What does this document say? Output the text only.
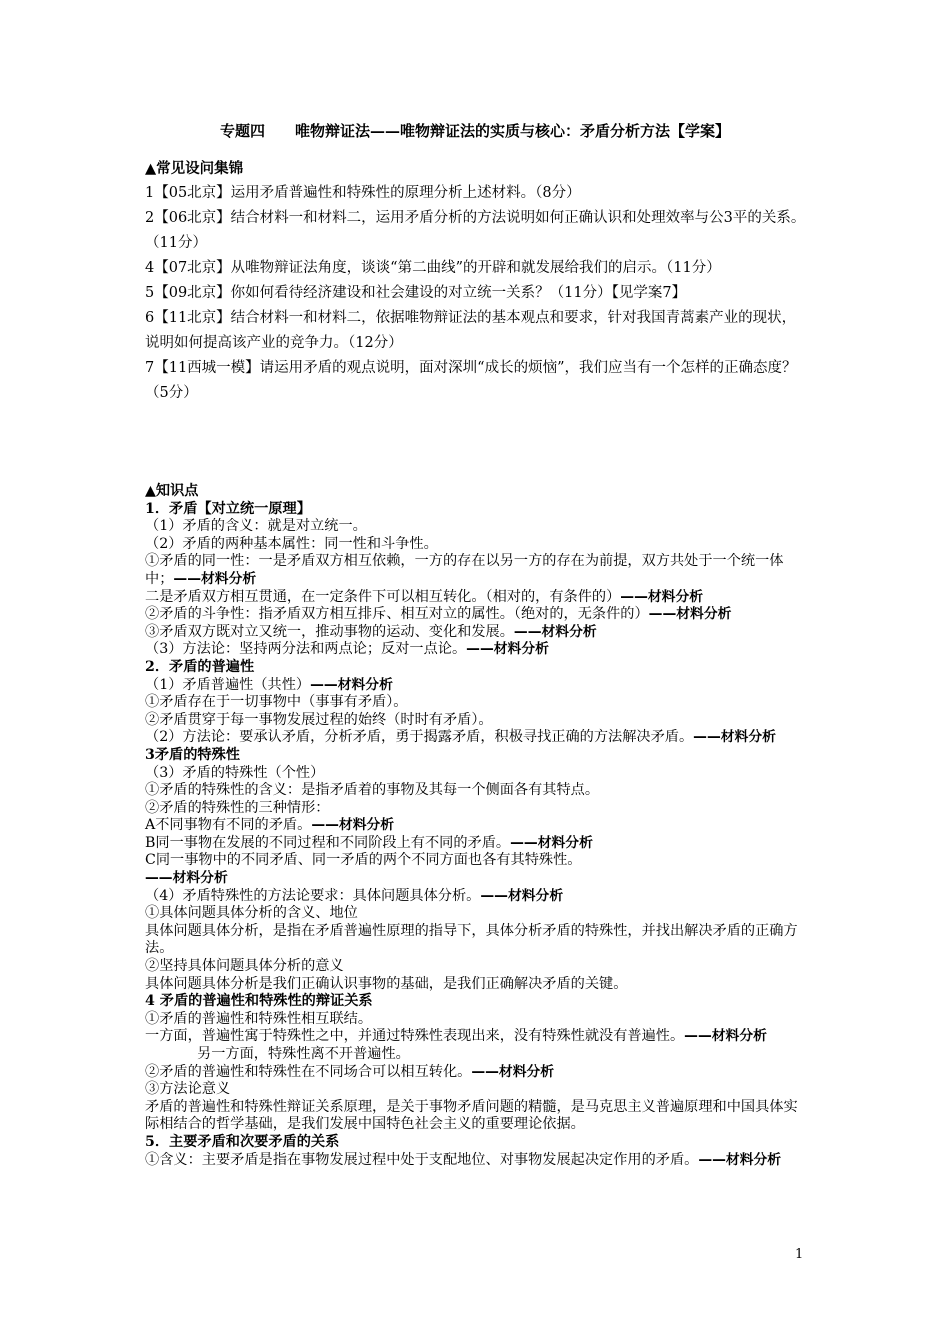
专题四　　唯物辩证法——唯物辩证法的实质与核心：矛盾分析方法【学案】

▲常见设问集锦

1【05北京】运用矛盾普遍性和特殊性的原理分析上述材料。（8分）

2【06北京】结合材料一和材料二，运用矛盾分析的方法说明如何正确认识和处理效率与公3平的关系。（11分）

4【07北京】从唯物辩证法角度，谈谈“第二曲线”的开辟和就发展给我们的启示。（11分）

5【09北京】你如何看待经济建设和社会建设的对立统一关系？（11分）【见学案7】

6【11北京】结合材料一和材料二，依据唯物辩证法的基本观点和要求，针对我国青蒿素产业的现状，说明如何提高该产业的竞争力。（12分）

7【11西城一模】请运用矛盾的观点说明，面对深圳“成长的烦恼”，我们应当有一个怎样的正确态度？（5分）

▲知识点

1．矛盾【对立统一原理】

（1）矛盾的含义：就是对立统一。

（2）矛盾的两种基本属性：同一性和斗争性。

①矛盾的同一性：一是矛盾双方相互依赖，一方的存在以另一方的存在为前提，双方共处于一个统一体中；——材料分析

二是矛盾双方相互贯通，在一定条件下可以相互转化。（相对的，有条件的）——材料分析

②矛盾的斗争性：指矛盾双方相互排斥、相互对立的属性。（绝对的，无条件的）——材料分析

③矛盾双方既对立又统一，推动事物的运动、变化和发展。——材料分析

（3）方法论：坚持两分法和两点论；反对一点论。——材料分析

2．矛盾的普遍性

（1）矛盾普遍性（共性）——材料分析

①矛盾存在于一切事物中（事事有矛盾）。

②矛盾贯穿于每一事物发展过程的始终（时时有矛盾）。

（2）方法论：要承认矛盾，分析矛盾，勇于揭露矛盾，积极寻找正确的方法解决矛盾。——材料分析

3矛盾的特殊性

（3）矛盾的特殊性（个性）

①矛盾的特殊性的含义：是指矛盾着的事物及其每一个侧面各有其特点。

②矛盾的特殊性的三种情形：

A不同事物有不同的矛盾。——材料分析

B同一事物在发展的不同过程和不同阶段上有不同的矛盾。——材料分析

C同一事物中的不同矛盾、同一矛盾的两个不同方面也各有其特殊性。

——材料分析

（4）矛盾特殊性的方法论要求：具体问题具体分析。——材料分析

①具体问题具体分析的含义、地位

具体问题具体分析，是指在矛盾普遍性原理的指导下，具体分析矛盾的特殊性，并找出解决矛盾的正确方法。

②坚持具体问题具体分析的意义

具体问题具体分析是我们正确认识事物的基础，是我们正确解决矛盾的关键。

4 矛盾的普遍性和特殊性的辩证关系

①矛盾的普遍性和特殊性相互联结。

一方面，普遍性寓于特殊性之中，并通过特殊性表现出来，没有特殊性就没有普遍性。——材料分析另一方面，特殊性离不开普遍性。

②矛盾的普遍性和特殊性在不同场合可以相互转化。——材料分析

③方法论意义

矛盾的普遍性和特殊性辩证关系原理，是关于事物矛盾问题的精髓，是马克思主义普遍原理和中国具体实际相结合的哲学基础，是我们发展中国特色社会主义的重要理论依据。

5．主要矛盾和次要矛盾的关系

①含义：主要矛盾是指在事物发展过程中处于支配地位、对事物发展起决定作用的矛盾。——材料分析

1
